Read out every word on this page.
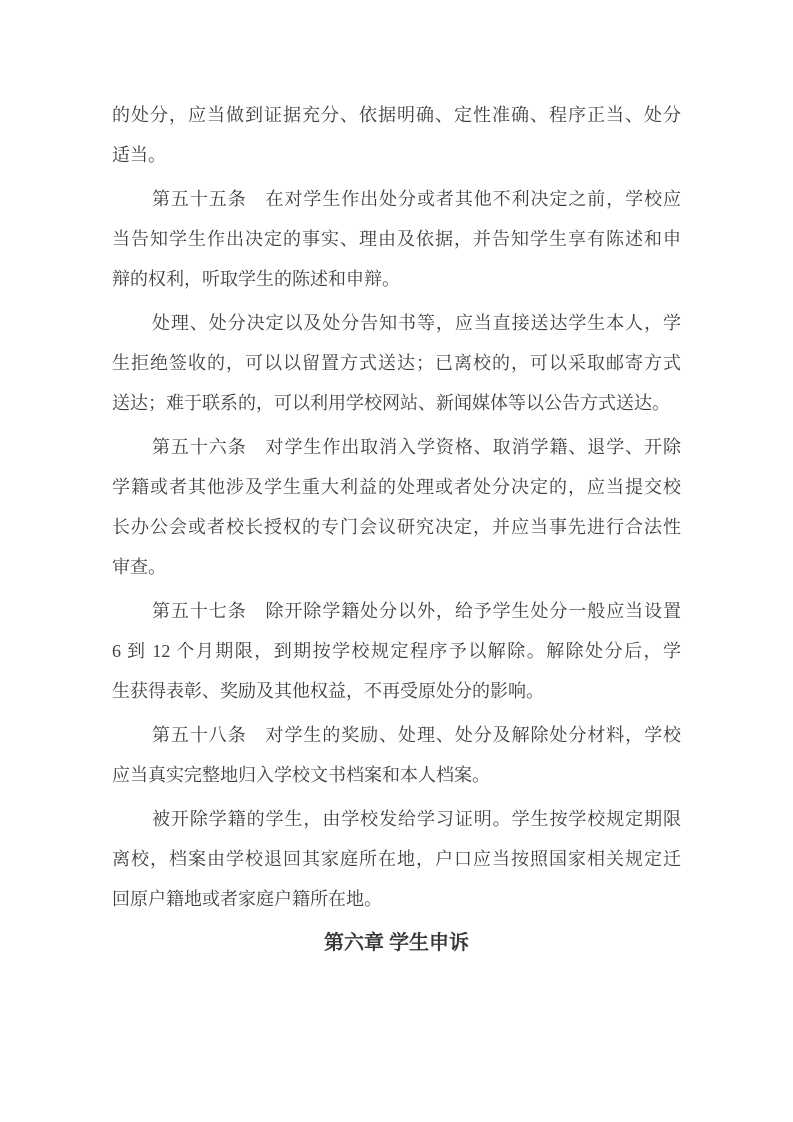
的处分，应当做到证据充分、依据明确、定性准确、程序正当、处分
适当。
第五十五条　在对学生作出处分或者其他不利决定之前，学校应
当告知学生作出决定的事实、理由及依据，并告知学生享有陈述和申
辩的权利，听取学生的陈述和申辩。
处理、处分决定以及处分告知书等，应当直接送达学生本人，学
生拒绝签收的，可以以留置方式送达；已离校的，可以采取邮寄方式
送达；难于联系的，可以利用学校网站、新闻媒体等以公告方式送达。
第五十六条　对学生作出取消入学资格、取消学籍、退学、开除
学籍或者其他涉及学生重大利益的处理或者处分决定的，应当提交校
长办公会或者校长授权的专门会议研究决定，并应当事先进行合法性
审查。
第五十七条　除开除学籍处分以外，给予学生处分一般应当设置
6 到 12 个月期限，到期按学校规定程序予以解除。解除处分后，学
生获得表彰、奖励及其他权益，不再受原处分的影响。
第五十八条　对学生的奖励、处理、处分及解除处分材料，学校
应当真实完整地归入学校文书档案和本人档案。
被开除学籍的学生，由学校发给学习证明。学生按学校规定期限
离校，档案由学校退回其家庭所在地，户口应当按照国家相关规定迁
回原户籍地或者家庭户籍所在地。
第六章 学生申诉
